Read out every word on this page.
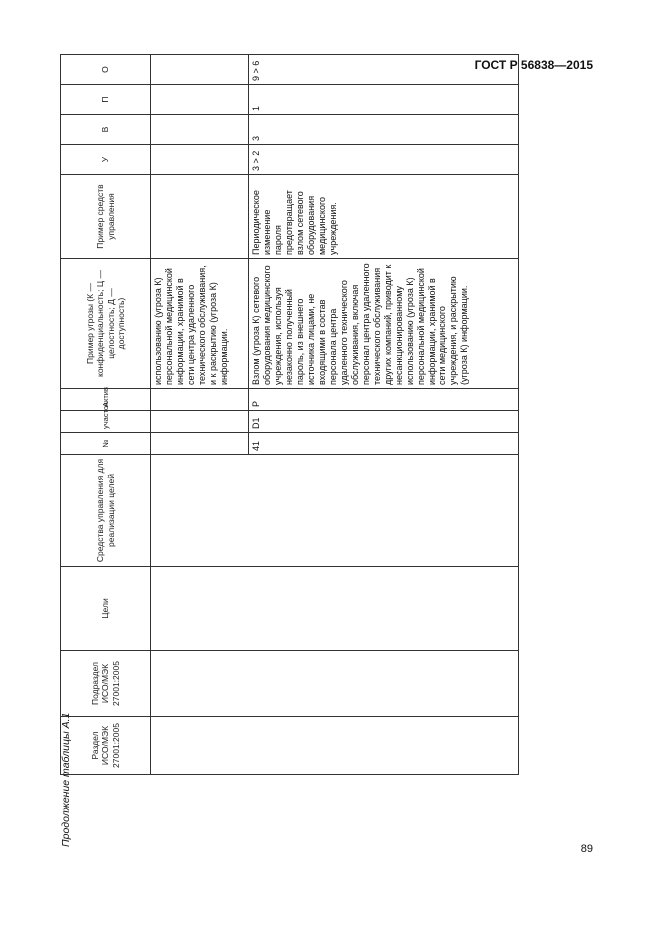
ГОСТ Р 56838—2015
Продолжение таблицы А.1 Раздел ИСО/МЭК 27001:2005	Подраздел ИСО/МЭК 27001:2005	Цели	Средства управления для реализации целей	№	участок	Актив	Пример угрозы (К — конфиденциальность; Ц — целостность; Д — доступность)	Пример средств управления	У	В	П	О
							использованию (угроза К) персональной медицинской информации, хранимой в сети центра удаленного технического обслуживания, и к раскрытию (угроза К) информации.					
				41	D1	P	Взлом (угроза К) сетевого оборудования медицинского учреждения, используя незаконно полученный пароль, из внешнего источника лицами, не входящими в состав персонала центра удаленного технического обслуживания, включая персонал центра удаленного технического обслуживания других компаний, приводит к несанкционированному использованию (угроза К) персональной медицинской информации, хранимой в сети медицинского учреждения, и раскрытию (угроза К) информации.	Периодическое изменение пароля предотвращает взлом сетевого оборудования медицинского учреждения.	3 > 2	3	1	9 > 6
89
